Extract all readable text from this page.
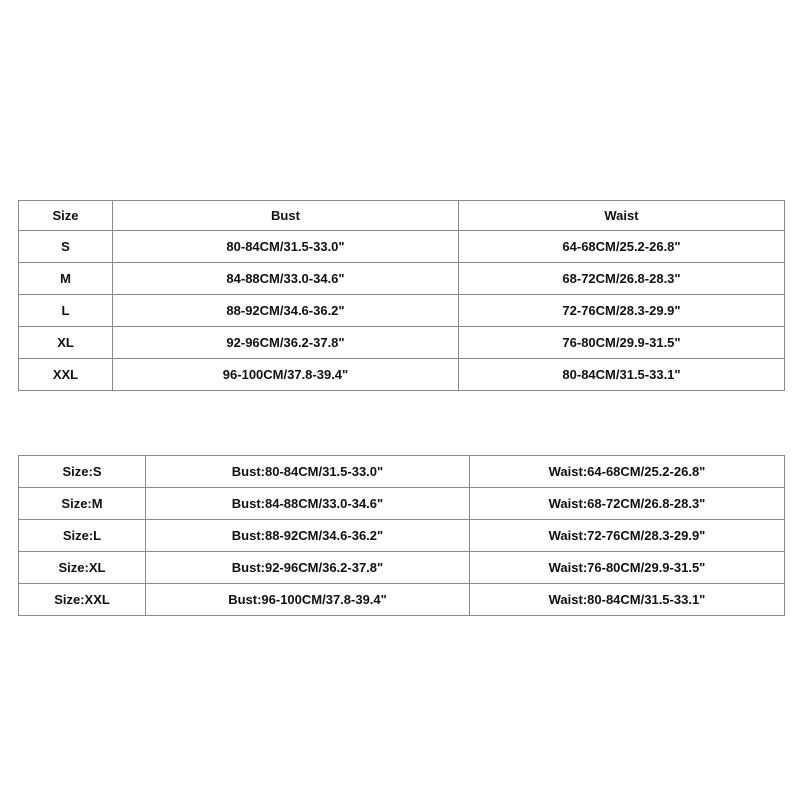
Size	Bust	Waist
S	80-84CM/31.5-33.0"	64-68CM/25.2-26.8"
M	84-88CM/33.0-34.6"	68-72CM/26.8-28.3"
L	88-92CM/34.6-36.2"	72-76CM/28.3-29.9"
XL	92-96CM/36.2-37.8"	76-80CM/29.9-31.5"
XXL	96-100CM/37.8-39.4"	80-84CM/31.5-33.1"
Size:S	Bust:80-84CM/31.5-33.0"	Waist:64-68CM/25.2-26.8"
Size:M	Bust:84-88CM/33.0-34.6"	Waist:68-72CM/26.8-28.3"
Size:L	Bust:88-92CM/34.6-36.2"	Waist:72-76CM/28.3-29.9"
Size:XL	Bust:92-96CM/36.2-37.8"	Waist:76-80CM/29.9-31.5"
Size:XXL	Bust:96-100CM/37.8-39.4"	Waist:80-84CM/31.5-33.1"
